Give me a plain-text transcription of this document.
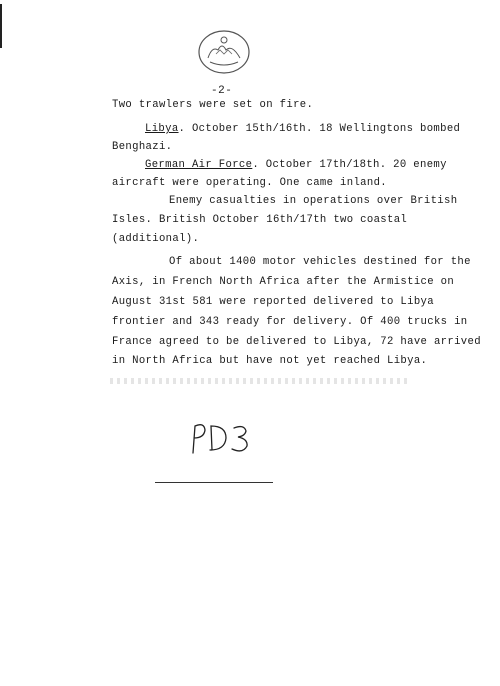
-2-
Two trawlers were set on fire.
Libya. October 15th/16th. 18 Wellingtons bombed
Benghazi.
German Air Force. October 17th/18th. 20 enemy
aircraft were operating. One came inland.
Enemy casualties in operations over British
Isles. British October 16th/17th two coastal
(additional).
Of about 1400 motor vehicles destined for the
Axis, in French North Africa after the Armistice on
August 31st 581 were reported delivered to Libya
frontier and 343 ready for delivery. Of 400 trucks in
France agreed to be delivered to Libya, 72 have arrived
in North Africa but have not yet reached Libya.
